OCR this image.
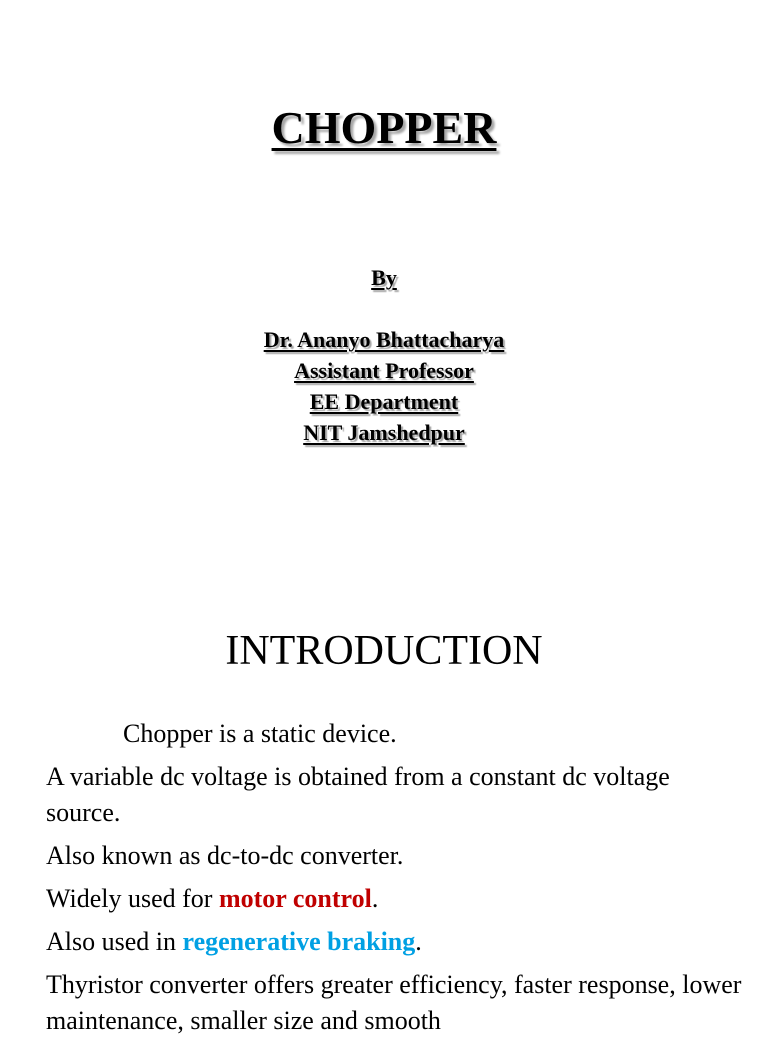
CHOPPER
By
Dr. Ananyo Bhattacharya
Assistant Professor
EE Department
NIT Jamshedpur
INTRODUCTION
Chopper is a static device.
A variable dc voltage is obtained from a constant dc voltage source.
Also known as dc-to-dc converter.
Widely used for motor control.
Also used in regenerative braking.
Thyristor converter offers greater efficiency, faster response, lower maintenance, smaller size and smooth
